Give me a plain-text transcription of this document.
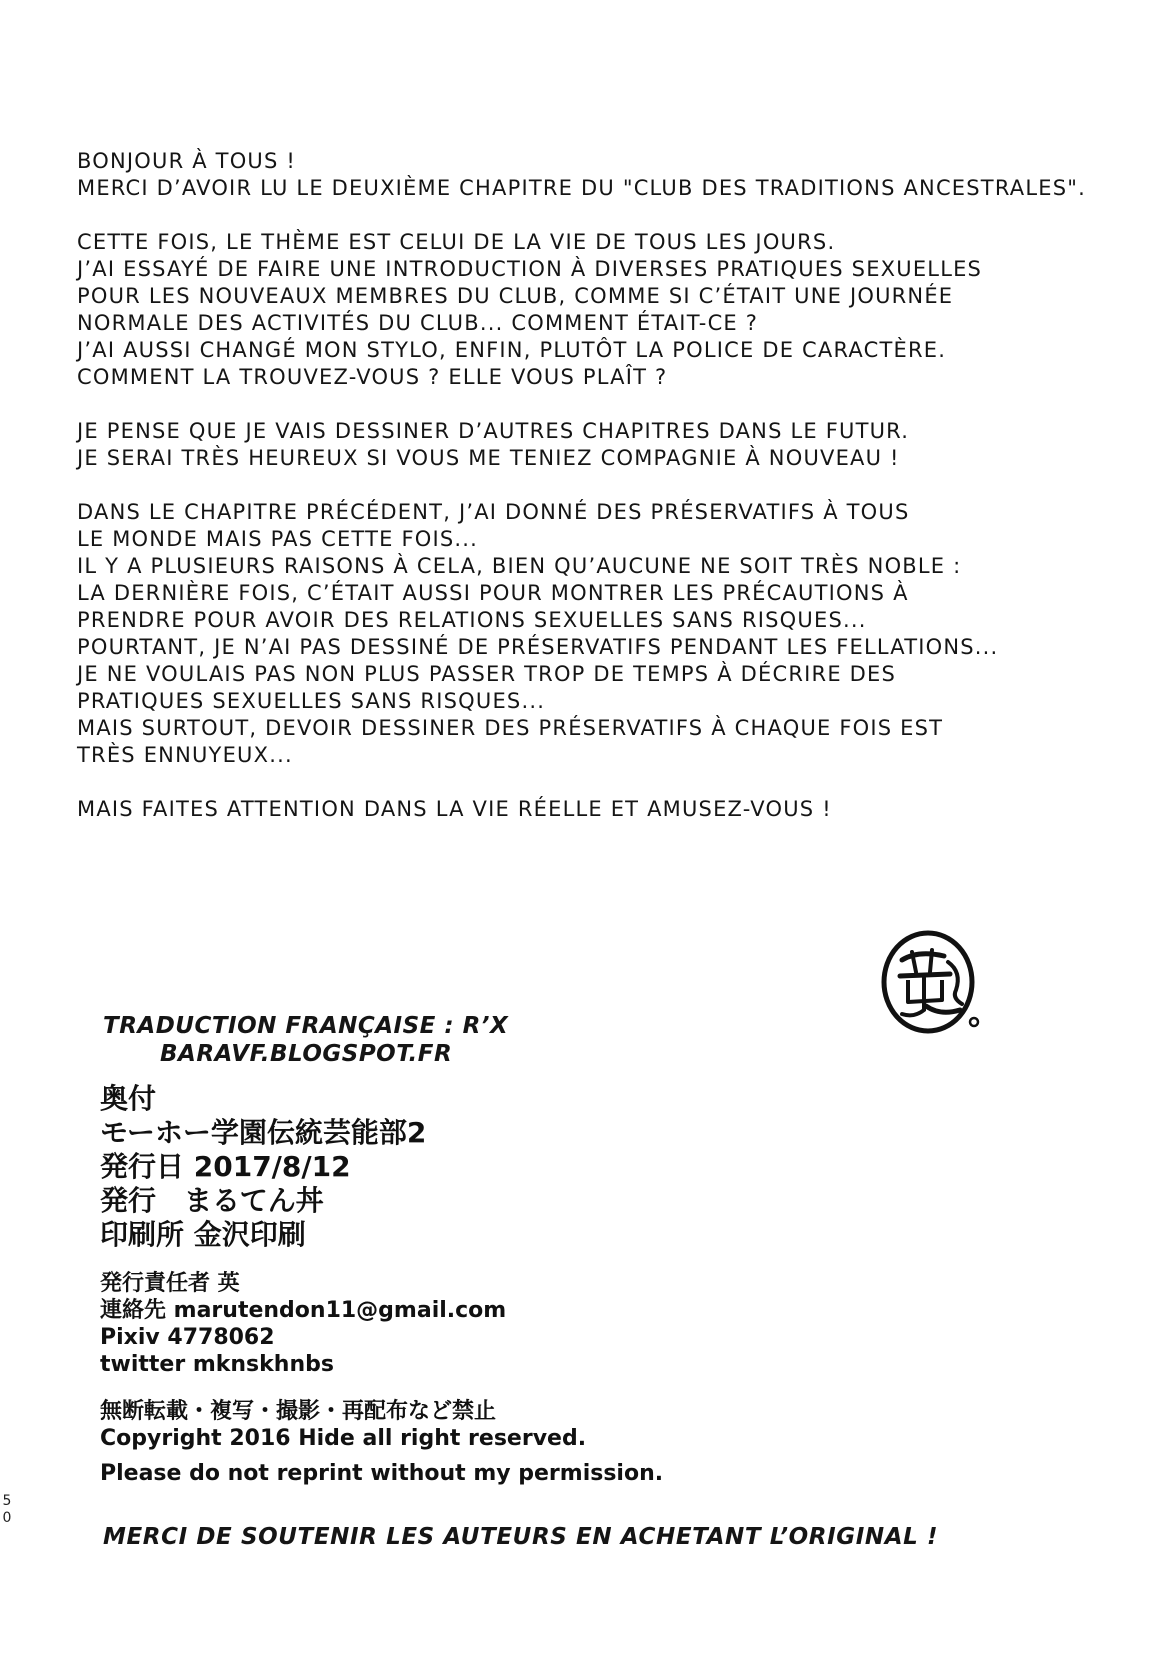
BONJOUR À TOUS !
MERCI D’AVOIR LU LE DEUXIÈME CHAPITRE DU "CLUB DES TRADITIONS ANCESTRALES".
CETTE FOIS, LE THÈME EST CELUI DE LA VIE DE TOUS LES JOURS.
J’AI ESSAYÉ DE FAIRE UNE INTRODUCTION À DIVERSES PRATIQUES SEXUELLES
POUR LES NOUVEAUX MEMBRES DU CLUB, COMME SI C’ÉTAIT UNE JOURNÉE
NORMALE DES ACTIVITÉS DU CLUB... COMMENT ÉTAIT-CE ?
J’AI AUSSI CHANGÉ MON STYLO, ENFIN, PLUTÔT LA POLICE DE CARACTÈRE.
COMMENT LA TROUVEZ-VOUS ? ELLE VOUS PLAÎT ?
JE PENSE QUE JE VAIS DESSINER D’AUTRES CHAPITRES DANS LE FUTUR.
JE SERAI TRÈS HEUREUX SI VOUS ME TENIEZ COMPAGNIE À NOUVEAU !
DANS LE CHAPITRE PRÉCÉDENT, J’AI DONNÉ DES PRÉSERVATIFS À TOUS
LE MONDE MAIS PAS CETTE FOIS...
IL Y A PLUSIEURS RAISONS À CELA, BIEN QU’AUCUNE NE SOIT TRÈS NOBLE :
LA DERNIÈRE FOIS, C’ÉTAIT AUSSI POUR MONTRER LES PRÉCAUTIONS À
PRENDRE POUR AVOIR DES RELATIONS SEXUELLES SANS RISQUES...
POURTANT, JE N’AI PAS DESSINÉ DE PRÉSERVATIFS PENDANT LES FELLATIONS...
JE NE VOULAIS PAS NON PLUS PASSER TROP DE TEMPS À DÉCRIRE DES
PRATIQUES SEXUELLES SANS RISQUES...
MAIS SURTOUT, DEVOIR DESSINER DES PRÉSERVATIFS À CHAQUE FOIS EST
TRÈS ENNUYEUX...
MAIS FAITES ATTENTION DANS LA VIE RÉELLE ET AMUSEZ-VOUS !
TRADUCTION FRANÇAISE : R’X
BARAVF.BLOGSPOT.FR
奥付
モーホー学園伝統芸能部2
発行日 2017/8/12
発行　まるてん丼
印刷所 金沢印刷
発行責任者 英
連絡先 marutendon11@gmail.com
Pixiv 4778062
twitter mknskhnbs
無断転載・複写・撮影・再配布など禁止
Copyright 2016 Hide all right reserved.
Please do not reprint without my permission.
5
0
MERCI DE SOUTENIR LES AUTEURS EN ACHETANT L’ORIGINAL !
